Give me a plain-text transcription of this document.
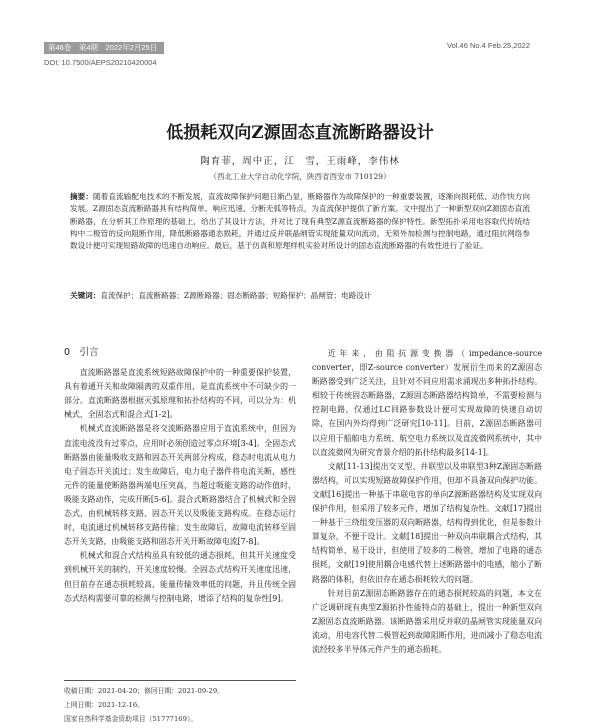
第46卷　第4期　2022年2月25日	Vol.46 No.4 Feb.25,2022
DOI: 10.7500/AEPS20210420004
低损耗双向Z源固态直流断路器设计
陶育菲，周中正，江　雪，王雨峰，李伟林
（西北工业大学自动化学院，陕西省西安市 710129）
摘要：随着直流输配电技术的不断发展，直流故障保护问题日渐凸显，断路器作为故障保护的一种重要装置，逐渐向损耗低、动作快方向发展。Z源固态直流断路器具有结构简单、响应迅速、分断无弧等特点，为直流保护提供了新方案。文中提出了一种新型双向Z源固态直流断路器，在分析其工作原理的基础上，给出了其设计方法，并对比了现有典型Z源直流断路器的保护特性。新型拓扑采用电容取代传统结构中二极管的反向阻断作用，降低断路器通态损耗，并通过反并联晶闸管实现能量双向流动，无须外加检测与控制电路，通过阻抗网络参数设计便可实现短路故障的迅速自动响应。最后，基于仿真和原理样机实验对所设计的固态直流断路器的有效性进行了验证。
关键词：直流保护；直流断路器；Z源断路器；固态断路器；短路保护；晶闸管；电路设计
0　引言

直流断路器是直流系统短路故障保护中的一种重要保护装置，具有着通开关和故障隔离的双重作用，是直流系统中不可缺少的一部分。直流断路器根据灭弧原理和拓扑结构的不同，可以分为：机械式、全固态式和混合式[1-2]。

机械式直流断路器是将交流断路器应用于直流系统中，但因为直流电流没有过零点，应用时必须创造过零点环境[3-4]。全固态式断路器由能量吸收支路和固态开关两部分构成，稳态时电流从电力电子固态开关流过；发生故障后，电力电子器件将电流关断，感性元件的能量使断路器两端电压突高，当超过吸能支路的动作值时，吸能支路动作，完成开断[5-6]。混合式断路器结合了机械式和全固态式，由机械转移支路、固态开关以及吸能支路构成。在稳态运行时，电流通过机械转移支路传输；发生故障后，故障电流转移至固态开关支路，由吸能支路和固态开关开断故障电流[7-8]。

机械式和混合式结构虽具有较低的通态损耗，但其开关速度受到机械开关的制约，开关速度较慢。全固态式结构开关速度迅速，但目前存在通态损耗较高，能量传输效率低的问题，并且传统全固态式结构需要可靠的检测与控制电路，增添了结构的复杂性[9]。

收稿日期：2021-04-20；修回日期：2021-09-29。
上网日期：2021-12-16。
国家自然科学基金资助项目（51777169）。

近年来，由阻抗源变换器（impedance-source converter，即Z-source converter）发展衍生而来的Z源固态断路器受到广泛关注，且针对不同应用需求涌现出多种拓扑结构。相较于传统固态断路器，Z源固态断路器结构简单，不需要检测与控制电路，仅通过LC回路参数设计便可实现故障的快速自动切除，在国内外均得到广泛研究[10-11]。目前，Z源固态断路器可以应用于船舶电力系统、航空电力系统以及直流微网系统中，其中以直流微网为研究背景介绍的拓扑结构最多[14-1]。

文献[11-13]提出交叉型、并联型以及串联型3种Z源固态断路器结构，可以实现短路故障保护作用，但却不具备双向保护功能。文献[16]提出一种基于串联电容的单向Z源断路器结构及实现双向保护作用，但采用了较多元件，增加了结构复杂性。文献[17]提出一种基于三绕组变压器的双向断路器，结构得到优化，但是参数计算复杂，不便于设计。文献[18]提出一种双向串联耦合式结构，其结构简单、易于设计，但使用了较多的二极管，增加了电路的通态损耗，文献[19]使用耦合电感代替上述断路器中的电感，缩小了断路器的体积，但依旧存在通态损耗较大的问题。

针对目前Z源固态断路器存在的通态损耗较高的问题，本文在广泛调研现有典型Z源拓扑性能特点的基础上，提出一种新型双向Z源固态直流断路器。该断路器采用反并联的晶闸管实现能量双向流动，用电容代替二极管起到故障阻断作用，进而减小了稳态电流流经较多半导体元件产生的通态损耗。
